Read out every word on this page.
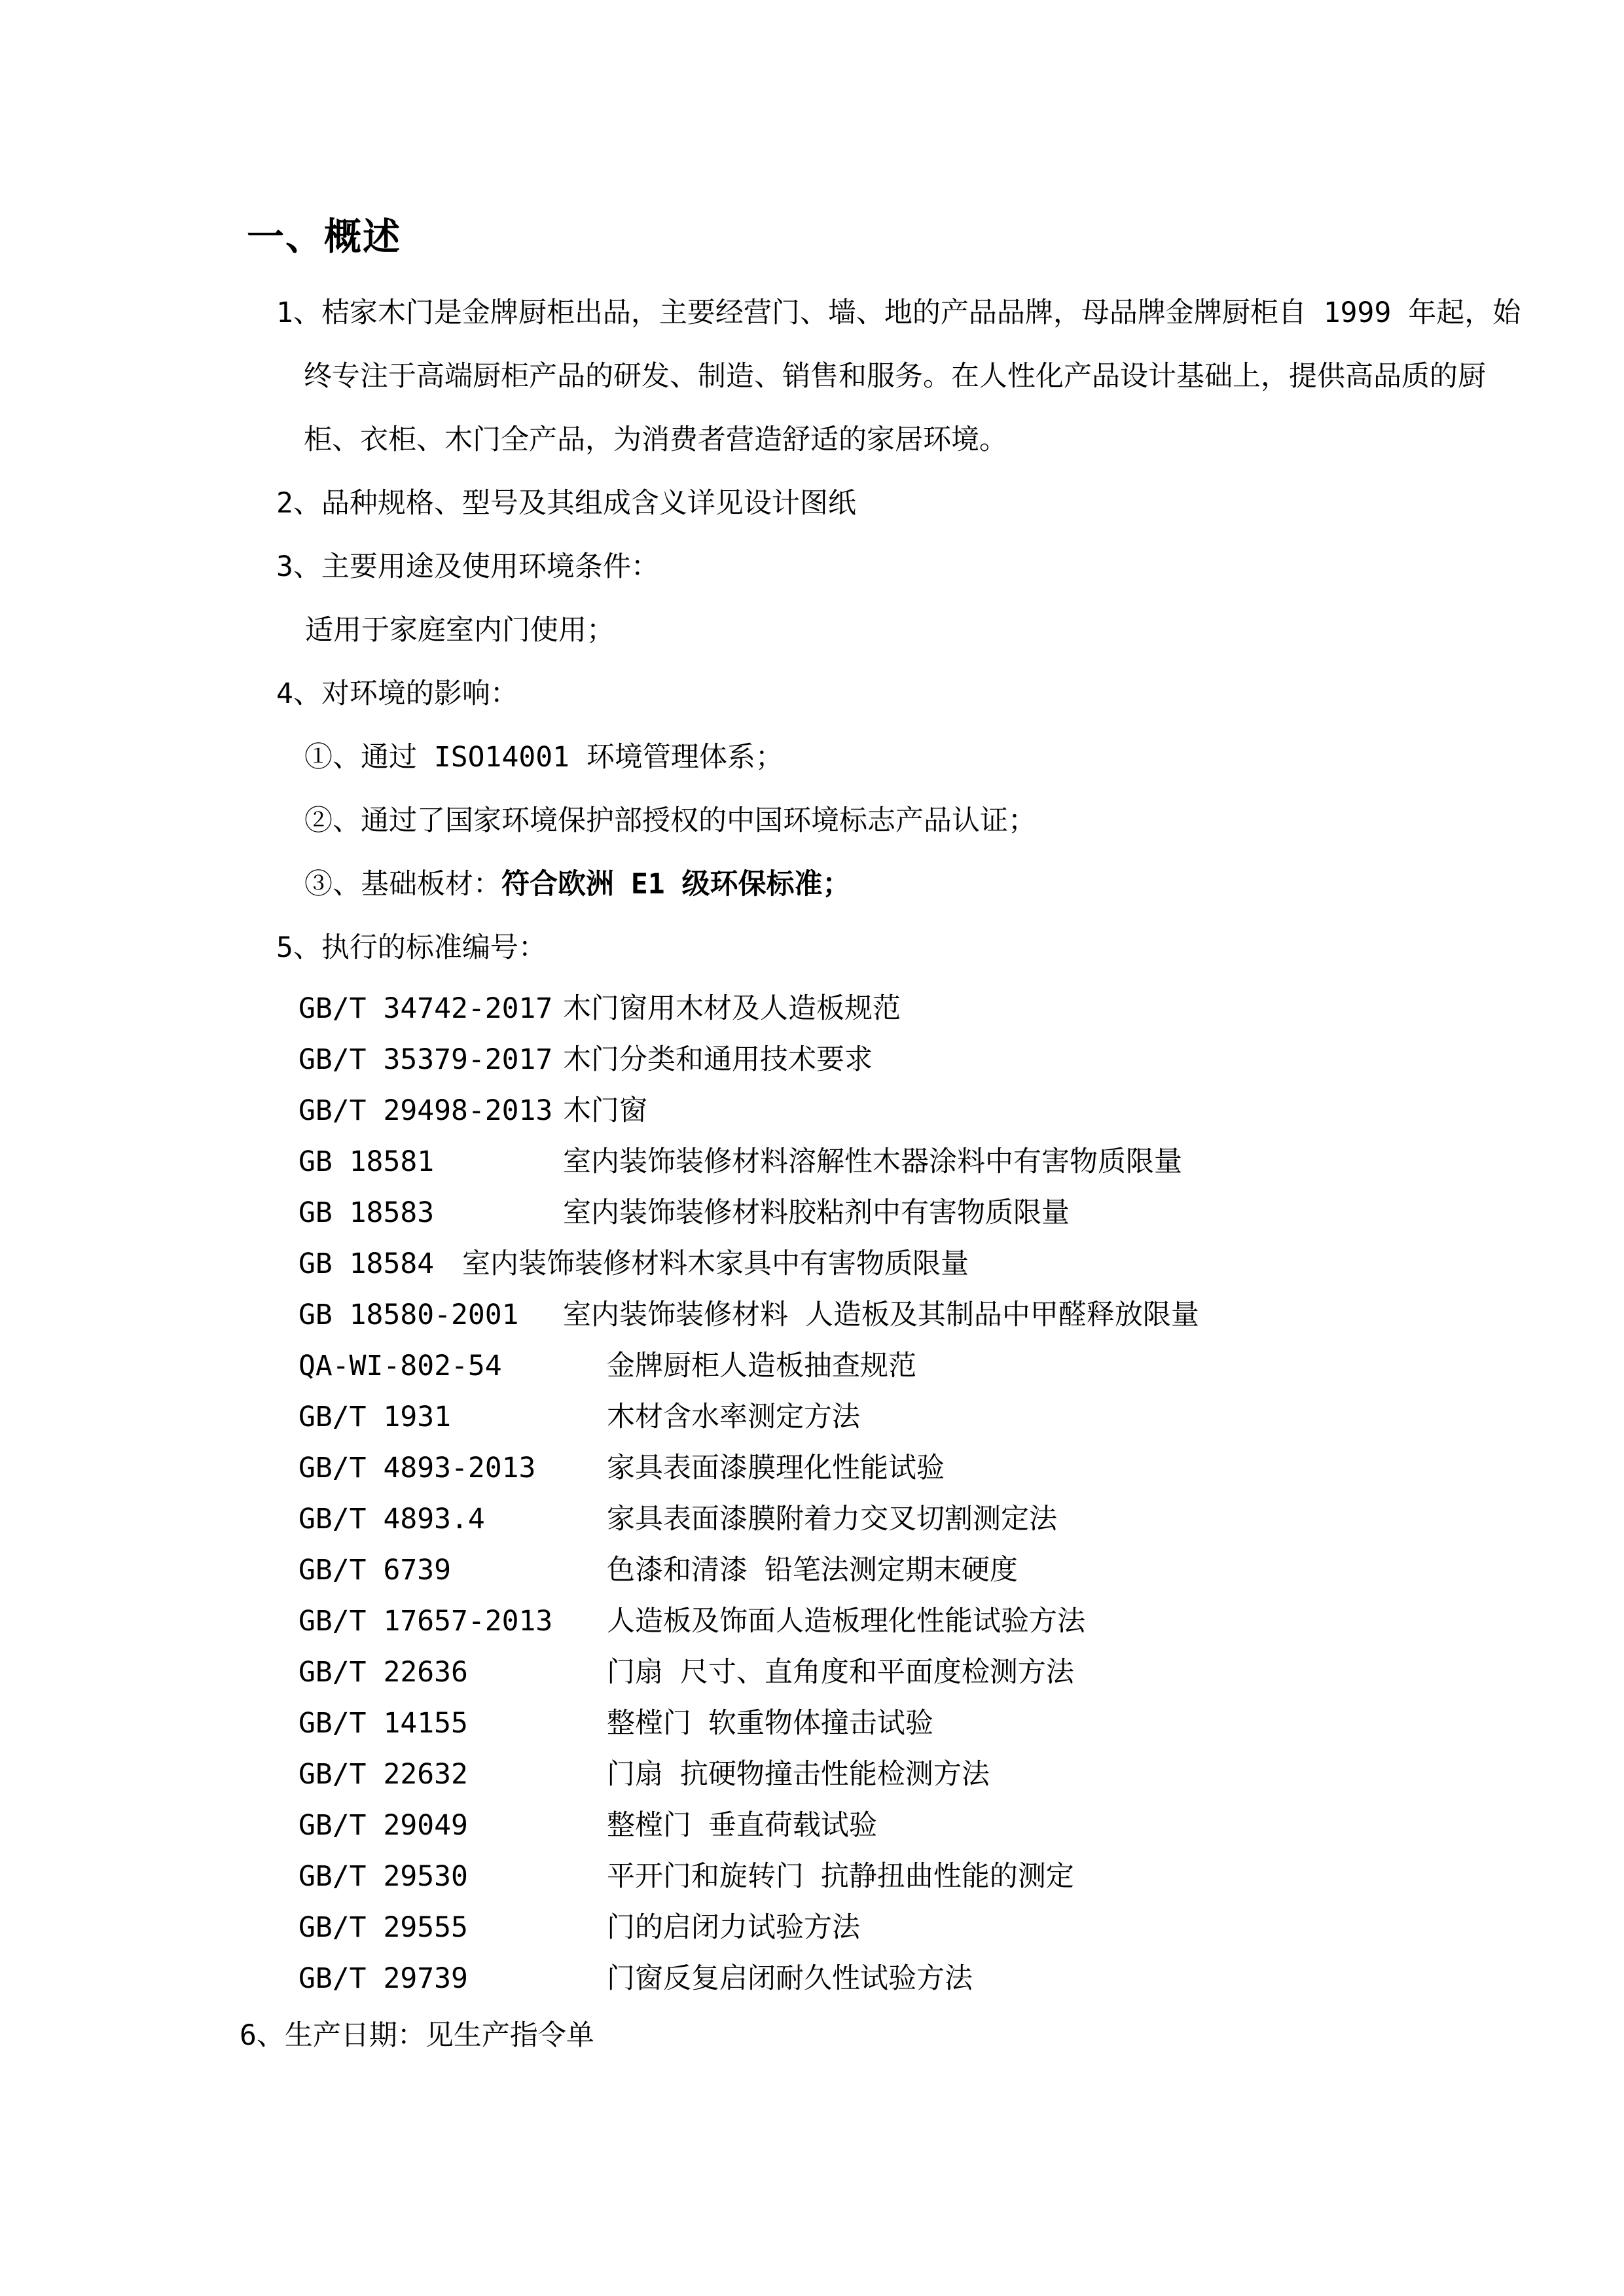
一、概述
1、桔家木门是金牌厨柜出品，主要经营门、墙、地的产品品牌，母品牌金牌厨柜自 1999 年起，始
终专注于高端厨柜产品的研发、制造、销售和服务。在人性化产品设计基础上，提供高品质的厨
柜、衣柜、木门全产品，为消费者营造舒适的家居环境。
2、品种规格、型号及其组成含义详见设计图纸
3、主要用途及使用环境条件：
适用于家庭室内门使用；
4、对环境的影响：
①、通过 ISO14001 环境管理体系；
②、通过了国家环境保护部授权的中国环境标志产品认证；
③、基础板材：符合欧洲 E1 级环保标准；
5、执行的标准编号：
GB/T 34742-2017 木门窗用木材及人造板规范
GB/T 35379-2017 木门分类和通用技术要求
GB/T 29498-2013 木门窗
GB 18581	室内装饰装修材料溶解性木器涂料中有害物质限量
GB 18583	室内装饰装修材料胶粘剂中有害物质限量
GB 18584 室内装饰装修材料木家具中有害物质限量
GB 18580-2001 室内装饰装修材料 人造板及其制品中甲醛释放限量
QA-WI-802-54	金牌厨柜人造板抽查规范
GB/T 1931	木材含水率测定方法
GB/T 4893-2013	家具表面漆膜理化性能试验
GB/T 4893.4	家具表面漆膜附着力交叉切割测定法
GB/T 6739	色漆和清漆 铅笔法测定期末硬度
GB/T 17657-2013 人造板及饰面人造板理化性能试验方法
GB/T 22636	门扇 尺寸、直角度和平面度检测方法
GB/T 14155	整樘门 软重物体撞击试验
GB/T 22632	门扇 抗硬物撞击性能检测方法
GB/T 29049	整樘门 垂直荷载试验
GB/T 29530	平开门和旋转门 抗静扭曲性能的测定
GB/T 29555	门的启闭力试验方法
GB/T 29739	门窗反复启闭耐久性试验方法
6、生产日期：见生产指令单
